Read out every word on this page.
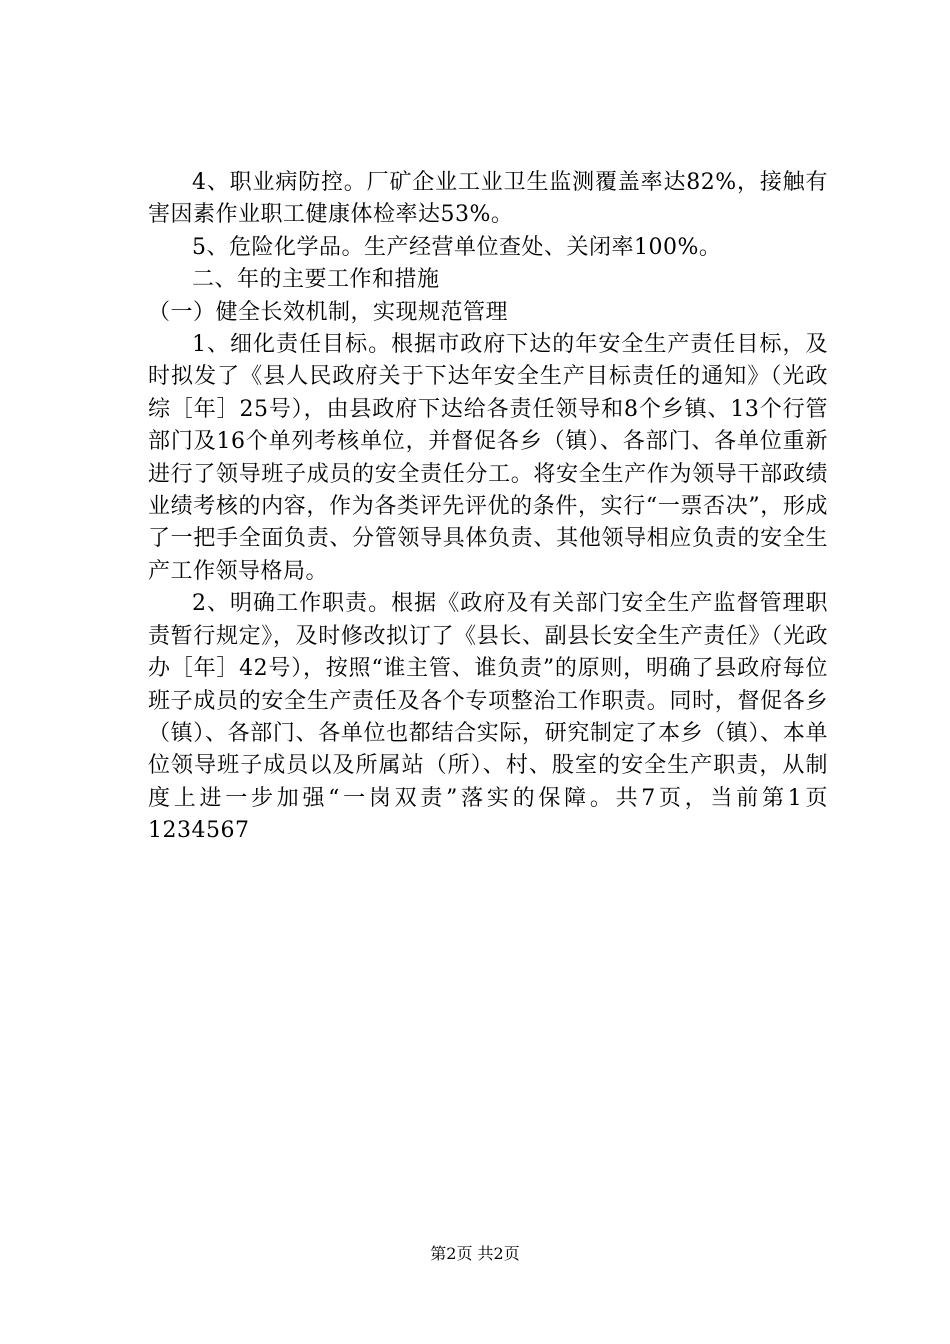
4、职业病防控。厂矿企业工业卫生监测覆盖率达82%，接触有害因素作业职工健康体检率达53%。

5、危险化学品。生产经营单位查处、关闭率100%。

二、年的主要工作和措施

（一）健全长效机制，实现规范管理

1、细化责任目标。根据市政府下达的年安全生产责任目标，及时拟发了《县人民政府关于下达年安全生产目标责任的通知》（光政综［年］25号），由县政府下达给各责任领导和8个乡镇、13个行管部门及16个单列考核单位，并督促各乡（镇）、各部门、各单位重新进行了领导班子成员的安全责任分工。将安全生产作为领导干部政绩业绩考核的内容，作为各类评先评优的条件，实行“一票否决”，形成了一把手全面负责、分管领导具体负责、其他领导相应负责的安全生产工作领导格局。

2、明确工作职责。根据《政府及有关部门安全生产监督管理职责暂行规定》，及时修改拟订了《县长、副县长安全生产责任》（光政办［年］42号），按照“谁主管、谁负责”的原则，明确了县政府每位班子成员的安全生产责任及各个专项整治工作职责。同时，督促各乡（镇）、各部门、各单位也都结合实际，研究制定了本乡（镇）、本单位领导班子成员以及所属站（所）、村、股室的安全生产职责，从制度上进一步加强“一岗双责”落实的保障。共7页，当前第1页1234567

第2页 共2页
